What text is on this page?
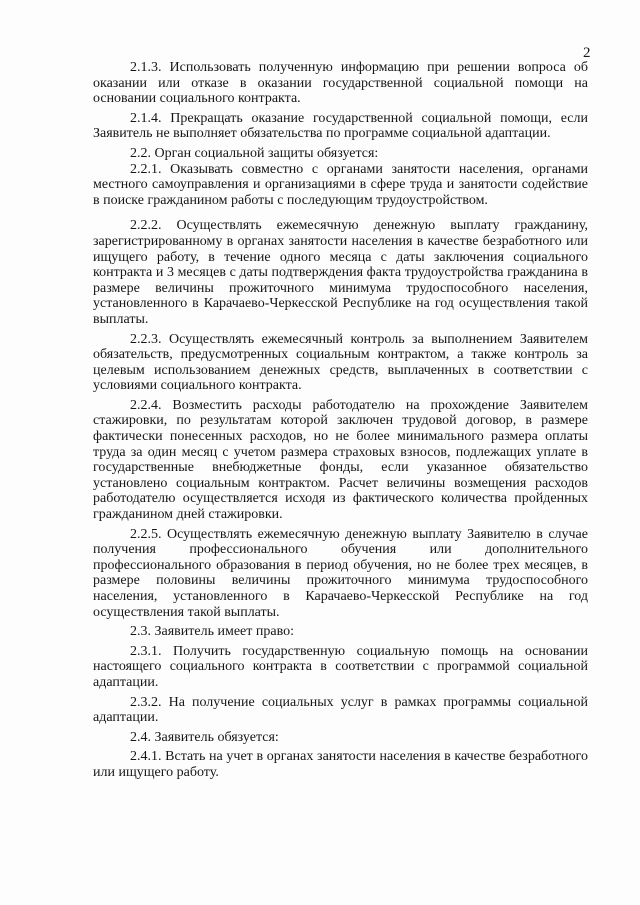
2

2.1.3. Использовать полученную информацию при решении вопроса об оказании или отказе в оказании государственной социальной помощи на основании социального контракта.

2.1.4. Прекращать оказание государственной социальной помощи, если Заявитель не выполняет обязательства по программе социальной адаптации.

2.2. Орган социальной защиты обязуется:

2.2.1. Оказывать совместно с органами занятости населения, органами местного самоуправления и организациями в сфере труда и занятости содействие в поиске гражданином работы с последующим трудоустройством.

2.2.2. Осуществлять ежемесячную денежную выплату гражданину, зарегистрированному в органах занятости населения в качестве безработного или ищущего работу, в течение одного месяца с даты заключения социального контракта и 3 месяцев с даты подтверждения факта трудоустройства гражданина в размере величины прожиточного минимума трудоспособного населения, установленного в Карачаево-Черкесской Республике на год осуществления такой выплаты.

2.2.3. Осуществлять ежемесячный контроль за выполнением Заявителем обязательств, предусмотренных социальным контрактом, а также контроль за целевым использованием денежных средств, выплаченных в соответствии с условиями социального контракта.

2.2.4. Возместить расходы работодателю на прохождение Заявителем стажировки, по результатам которой заключен трудовой договор, в размере фактически понесенных расходов, но не более минимального размера оплаты труда за один месяц с учетом размера страховых взносов, подлежащих уплате в государственные внебюджетные фонды, если указанное обязательство установлено социальным контрактом. Расчет величины возмещения расходов работодателю осуществляется исходя из фактического количества пройденных гражданином дней стажировки.

2.2.5. Осуществлять ежемесячную денежную выплату Заявителю в случае получения профессионального обучения или дополнительного профессионального образования в период обучения, но не более трех месяцев, в размере половины величины прожиточного минимума трудоспособного населения, установленного в Карачаево-Черкесской Республике на год осуществления такой выплаты.

2.3. Заявитель имеет право:

2.3.1. Получить государственную социальную помощь на основании настоящего социального контракта в соответствии с программой социальной адаптации.

2.3.2. На получение социальных услуг в рамках программы социальной адаптации.

2.4. Заявитель обязуется:

2.4.1. Встать на учет в органах занятости населения в качестве безработного или ищущего работу.
